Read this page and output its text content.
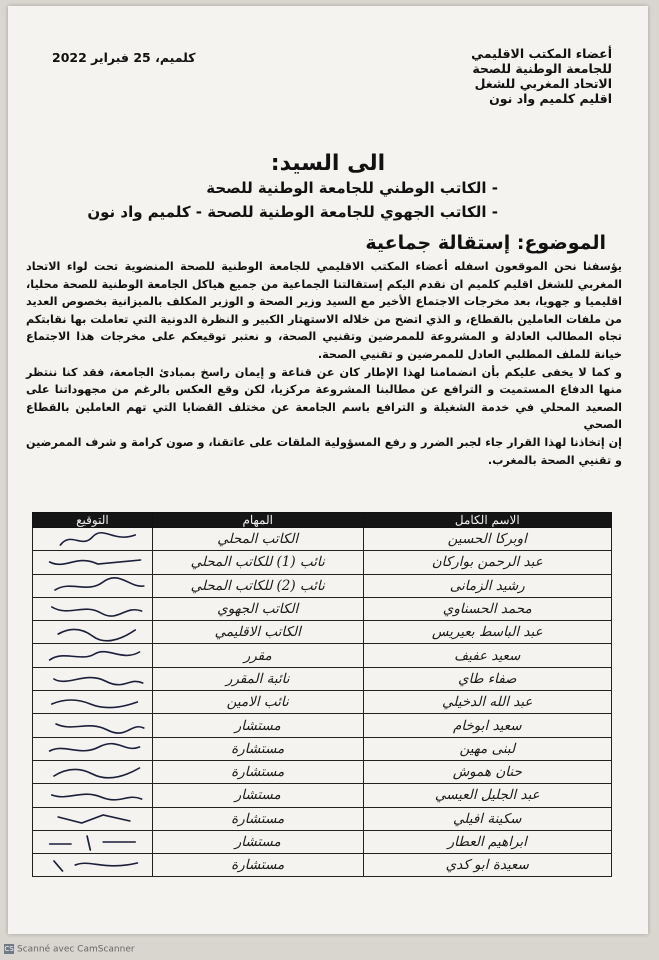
أعضاء المكتب الاقليمي
للجامعة الوطنية للصحة
الاتحاد المغربي للشغل
اقليم كلميم واد نون
كلميم، 25 فبراير 2022
الى السيد:
- الكاتب الوطني للجامعة الوطنية للصحة
- الكاتب الجهوي للجامعة الوطنية للصحة - كلميم واد نون
الموضوع: إستقالة جماعية

يؤسفنا نحن الموقعون اسفله أعضاء المكتب الاقليمي للجامعة الوطنية للصحة المنضوية تحت لواء الاتحاد المغربي للشغل اقليم كلميم ان نقدم اليكم إستقالتنا الجماعية من جميع هياكل الجامعة الوطنية للصحة محليا، اقليميا و جهويا، بعد مخرجات الاجتماع الأخير مع السيد وزير الصحة و الوزير المكلف بالميزانية بخصوص العديد من ملفات العاملين بالقطاع، و الذي اتضح من خلاله الاستهتار الكبير و النظرة الدونية التي تعاملت بها نقابتكم تجاه المطالب العادلة و المشروعة للممرضين وتقنيي الصحة، و نعتبر توقيعكم على مخرجات هذا الاجتماع خيانة للملف المطلبي العادل للممرضين و تقنيي الصحة.

و كما لا يخفى عليكم بأن انضمامنا لهذا الإطار كان عن قناعة و إيمان راسخ بمبادئ الجامعة، فقد كنا ننتظر منها الدفاع المستميت و الترافع عن مطالبنا المشروعة مركزيا، لكن وقع العكس بالرغم من مجهوداتنا على الصعيد المحلي في خدمة الشغيلة و الترافع باسم الجامعة عن مختلف القضايا التي تهم العاملين بالقطاع الصحي

إن إتخاذنا لهذا القرار جاء لجبر الضرر و رفع المسؤولية الملقات على عاتقنا، و صون كرامة و شرف الممرضين و تقنيي الصحة بالمغرب.

الاسم الكامل	المهام	التوقيع
اوبركا الحسين	الكاتب المحلي	

عبد الرحمن بواركان	نائب (1) للكاتب المحلي	

رشيد الزمانى	نائب (2) للكاتب المحلي	

محمد الحسناوي	الكاتب الجهوي	

عبد الباسط بعيريس	الكاتب الاقليمي	

سعيد عفيف	مقرر	

صفاء طاي	نائبة المقرر	

عبد الله الدخيلي	نائب الامين	

سعيد ابوخام	مستشار	

لبنى مهين	مستشارة	

حنان هموش	مستشارة	

عبد الجليل العيسي	مستشار	

سكينة افيلي	مستشارة	

ابراهيم العطار	مستشار	

سعيدة ابو كدي	مستشارة	
CS Scanné avec CamScanner
